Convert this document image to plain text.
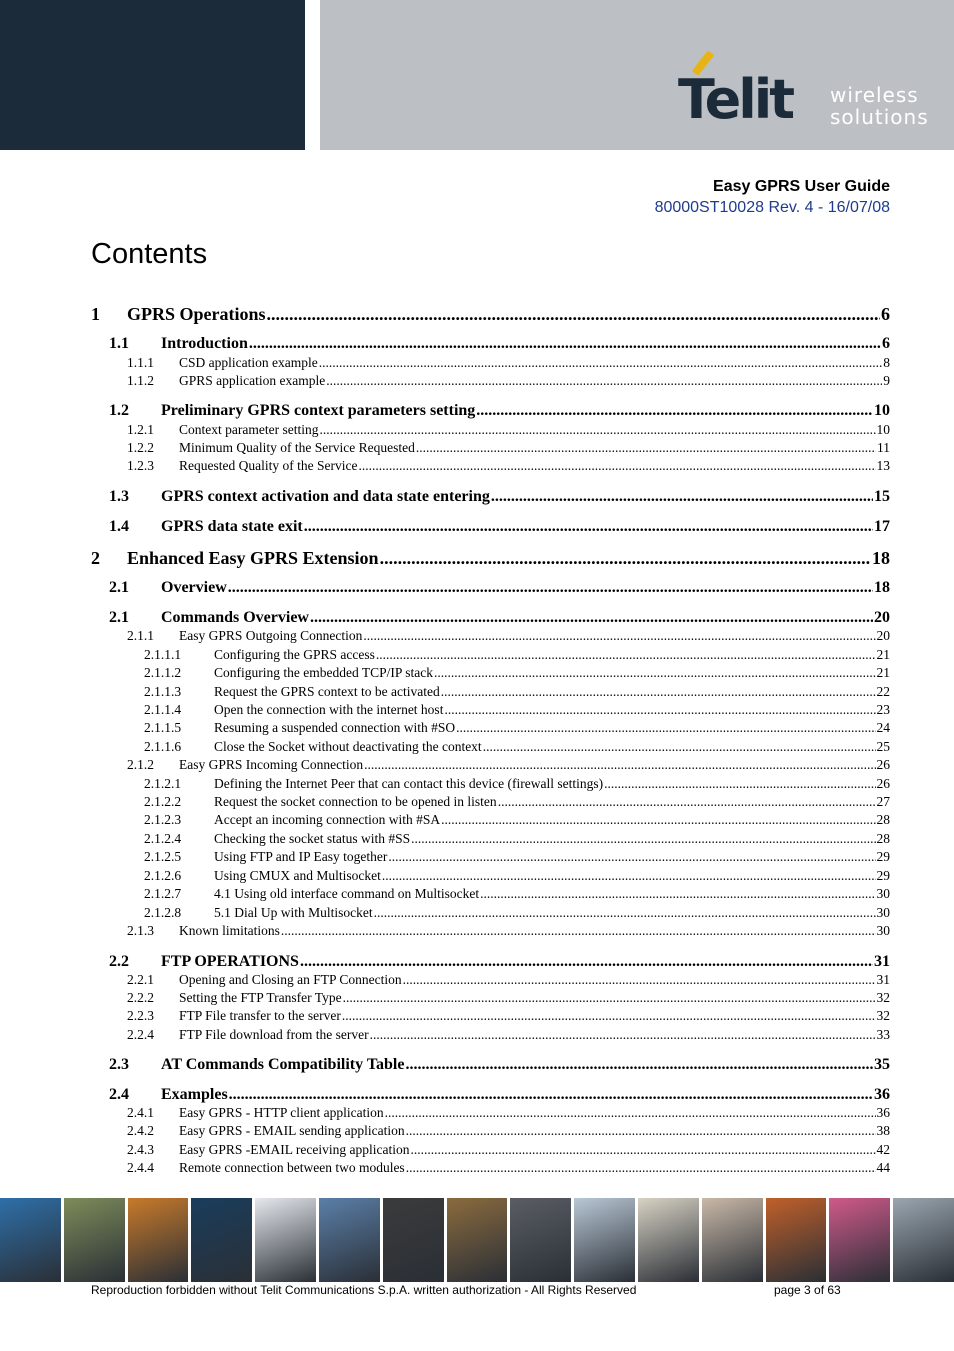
Telit wireless
solutions
Easy GPRS User Guide
80000ST10028 Rev. 4 - 16/07/08
Contents
1	GPRS Operations .....	6
1.1	Introduction .....	6
1.1.1	CSD application example .....	8
1.1.2	GPRS application example .....	9
1.2	Preliminary GPRS context parameters setting .....	10
1.2.1	Context parameter setting .....	10
1.2.2	Minimum Quality of the Service Requested .....	11
1.2.3	Requested Quality of the Service .....	13
1.3	GPRS context activation and data state entering .....	15
1.4	GPRS data state exit .....	17
2	Enhanced Easy GPRS Extension .....	18
2.1	Overview .....	18
2.1	Commands Overview .....	20
2.1.1	Easy GPRS Outgoing Connection .....	20
2.1.1.1	Configuring the GPRS access .....	21
2.1.1.2	Configuring the embedded TCP/IP stack .....	21
2.1.1.3	Request the GPRS context to be activated .....	22
2.1.1.4	Open the connection with the internet host .....	23
2.1.1.5	Resuming a suspended connection with #SO .....	24
2.1.1.6	Close the Socket without deactivating the context .....	25
2.1.2	Easy GPRS Incoming Connection .....	26
2.1.2.1	Defining the Internet Peer that can contact this device (firewall settings) .....	26
2.1.2.2	Request the socket connection to be opened in listen .....	27
2.1.2.3	Accept an incoming connection with #SA .....	28
2.1.2.4	Checking the socket status with #SS .....	28
2.1.2.5	Using FTP and IP Easy together .....	29
2.1.2.6	Using CMUX and Multisocket .....	29
2.1.2.7	4.1 Using old interface command on Multisocket .....	30
2.1.2.8	5.1 Dial Up with Multisocket .....	30
2.1.3	Known limitations .....	30
2.2	FTP OPERATIONS .....	31
2.2.1	Opening and Closing an FTP Connection .....	31
2.2.2	Setting the FTP Transfer Type .....	32
2.2.3	FTP File transfer to the server .....	32
2.2.4	FTP File download from the server .....	33
2.3	AT Commands Compatibility Table .....	35
2.4	Examples .....	36
2.4.1	Easy GPRS - HTTP client application .....	36
2.4.2	Easy GPRS - EMAIL sending application .....	38
2.4.3	Easy GPRS -EMAIL receiving application .....	42
2.4.4	Remote connection between two modules .....	44
Reproduction forbidden without Telit Communications S.p.A. written authorization - All Rights Reserved	page 3 of 63
